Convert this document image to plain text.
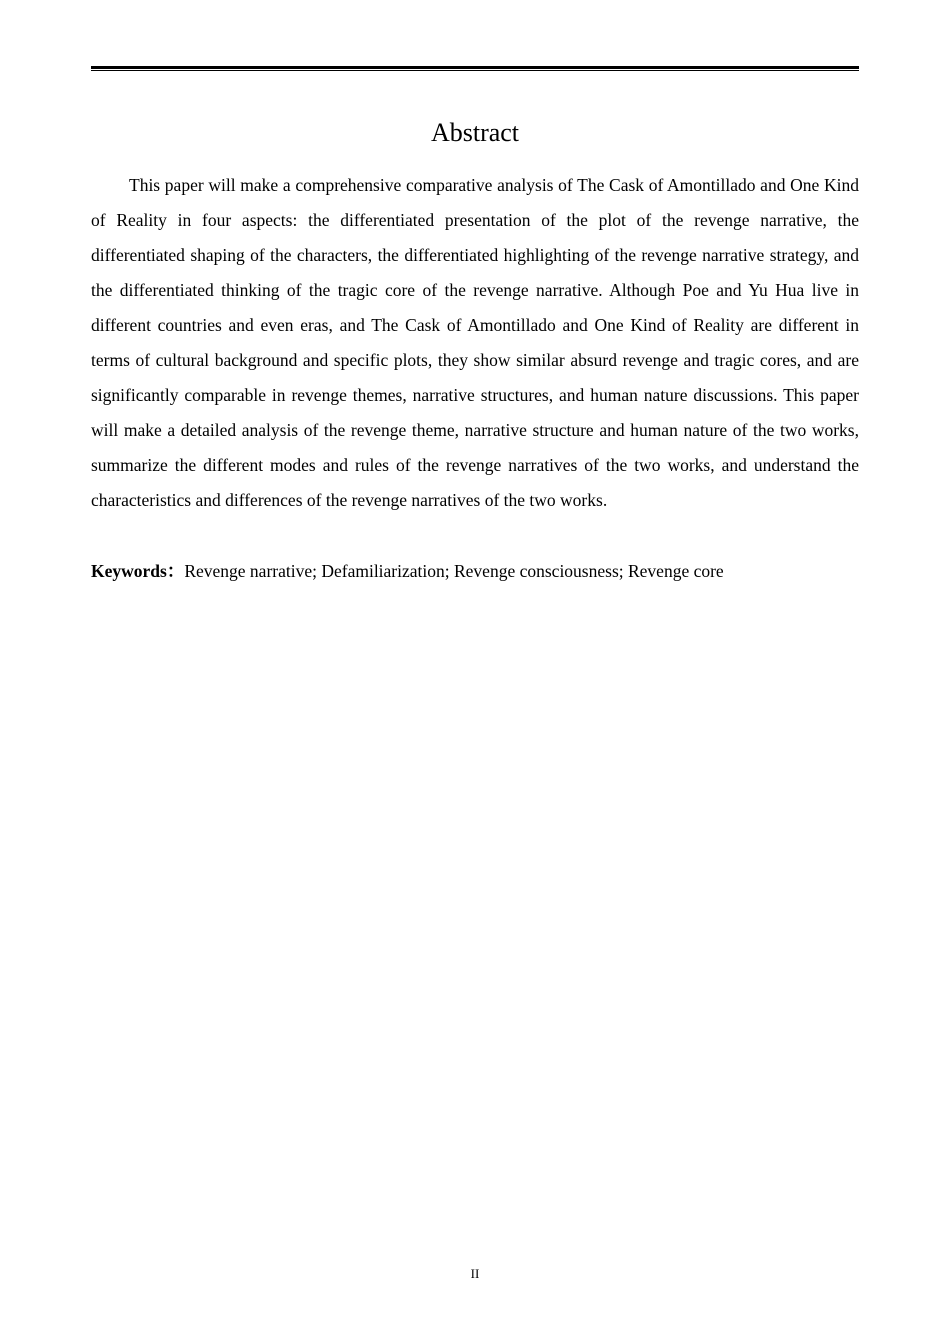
Abstract

This paper will make a comprehensive comparative analysis of The Cask of Amontillado and One Kind of Reality in four aspects: the differentiated presentation of the plot of the revenge narrative, the differentiated shaping of the characters, the differentiated highlighting of the revenge narrative strategy, and the differentiated thinking of the tragic core of the revenge narrative. Although Poe and Yu Hua live in different countries and even eras, and The Cask of Amontillado and One Kind of Reality are different in terms of cultural background and specific plots, they show similar absurd revenge and tragic cores, and are significantly comparable in revenge themes, narrative structures, and human nature discussions. This paper will make a detailed analysis of the revenge theme, narrative structure and human nature of the two works, summarize the different modes and rules of the revenge narratives of the two works, and understand the characteristics and differences of the revenge narratives of the two works.

Keywords：Revenge narrative; Defamiliarization; Revenge consciousness; Revenge core

II
